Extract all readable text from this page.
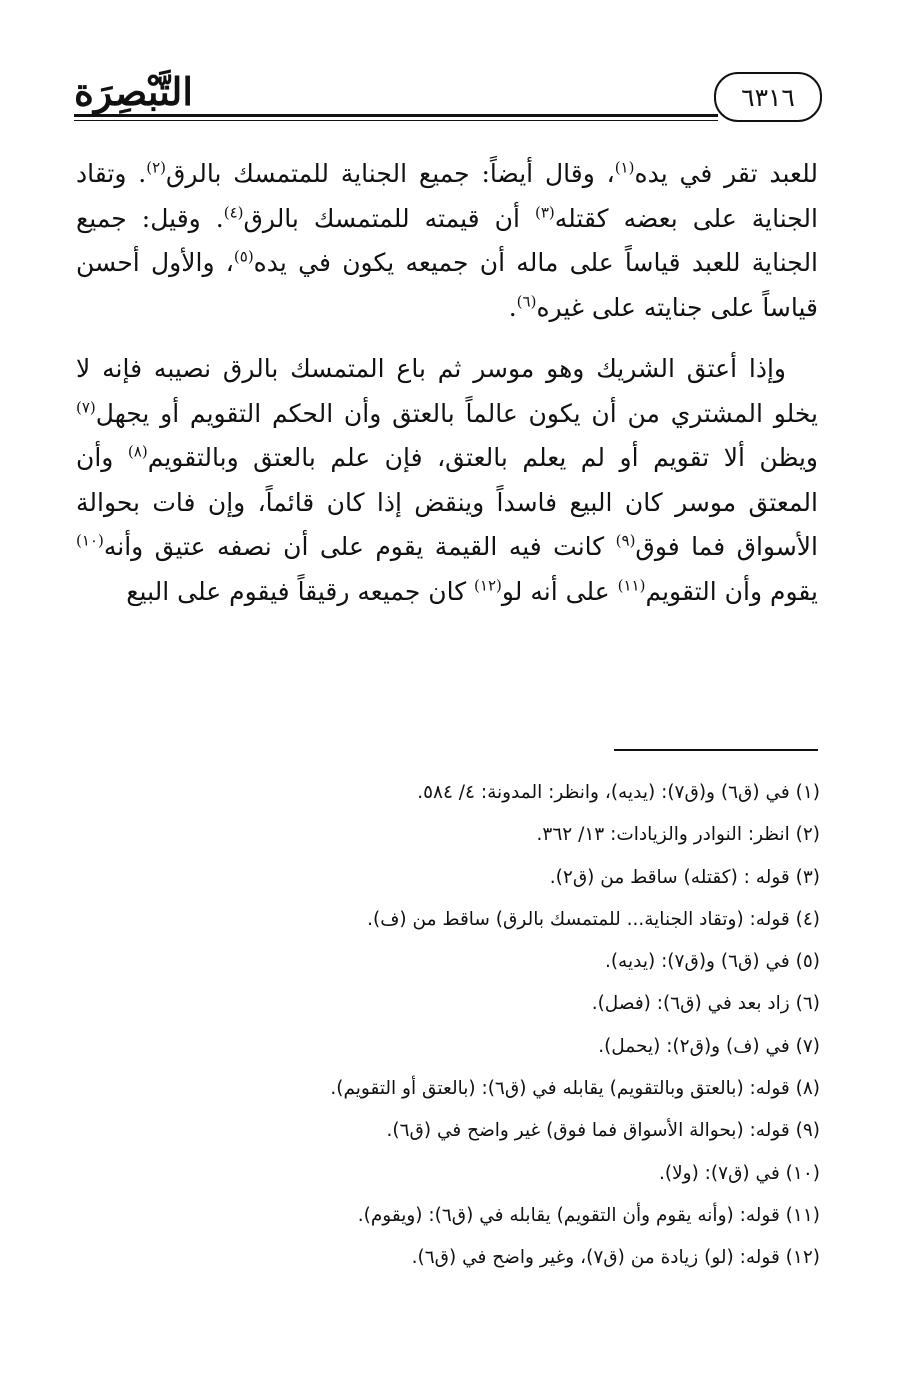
التَّبْصِرَة	٦٣١٦

للعبد تقر في يده$^{(١)}$، وقال أيضاً: جميع الجناية للمتمسك بالرق$^{(٢)}$. وتقاد الجناية على بعضه كقتله$^{(٣)}$ أن قيمته للمتمسك بالرق$^{(٤)}$. وقيل: جميع الجناية للعبد قياساً على ماله أن جميعه يكون في يده$^{(٥)}$، والأول أحسن قياساً على جنايته على غيره$^{(٦)}$.

وإذا أعتق الشريك وهو موسر ثم باع المتمسك بالرق نصيبه فإنه لا يخلو المشتري من أن يكون عالماً بالعتق وأن الحكم التقويم أو يجهل$^{(٧)}$ ويظن ألا تقويم أو لم يعلم بالعتق، فإن علم بالعتق وبالتقويم$^{(٨)}$ وأن المعتق موسر كان البيع فاسداً وينقض إذا كان قائماً، وإن فات بحوالة الأسواق فما فوق$^{(٩)}$ كانت فيه القيمة يقوم على أن نصفه عتيق وأنه$^{(١٠)}$ يقوم وأن التقويم$^{(١١)}$ على أنه لو$^{(١٢)}$ كان جميعه رقيقاً فيقوم على البيع

(١) في (ق٦) و(ق٧): (يديه)، وانظر: المدونة: ٤/ ٥٨٤.
(٢) انظر: النوادر والزيادات: ١٣/ ٣٦٢.
(٣) قوله : (كقتله) ساقط من (ق٢).
(٤) قوله: (وتقاد الجناية... للمتمسك بالرق) ساقط من (ف).
(٥) في (ق٦) و(ق٧): (يديه).
(٦) زاد بعد في (ق٦): (فصل).
(٧) في (ف) و(ق٢): (يحمل).
(٨) قوله: (بالعتق وبالتقويم) يقابله في (ق٦): (بالعتق أو التقويم).
(٩) قوله: (بحوالة الأسواق فما فوق) غير واضح في (ق٦).
(١٠) في (ق٧): (ولا).
(١١) قوله: (وأنه يقوم وأن التقويم) يقابله في (ق٦): (ويقوم).
(١٢) قوله: (لو) زيادة من (ق٧)، وغير واضح في (ق٦).
